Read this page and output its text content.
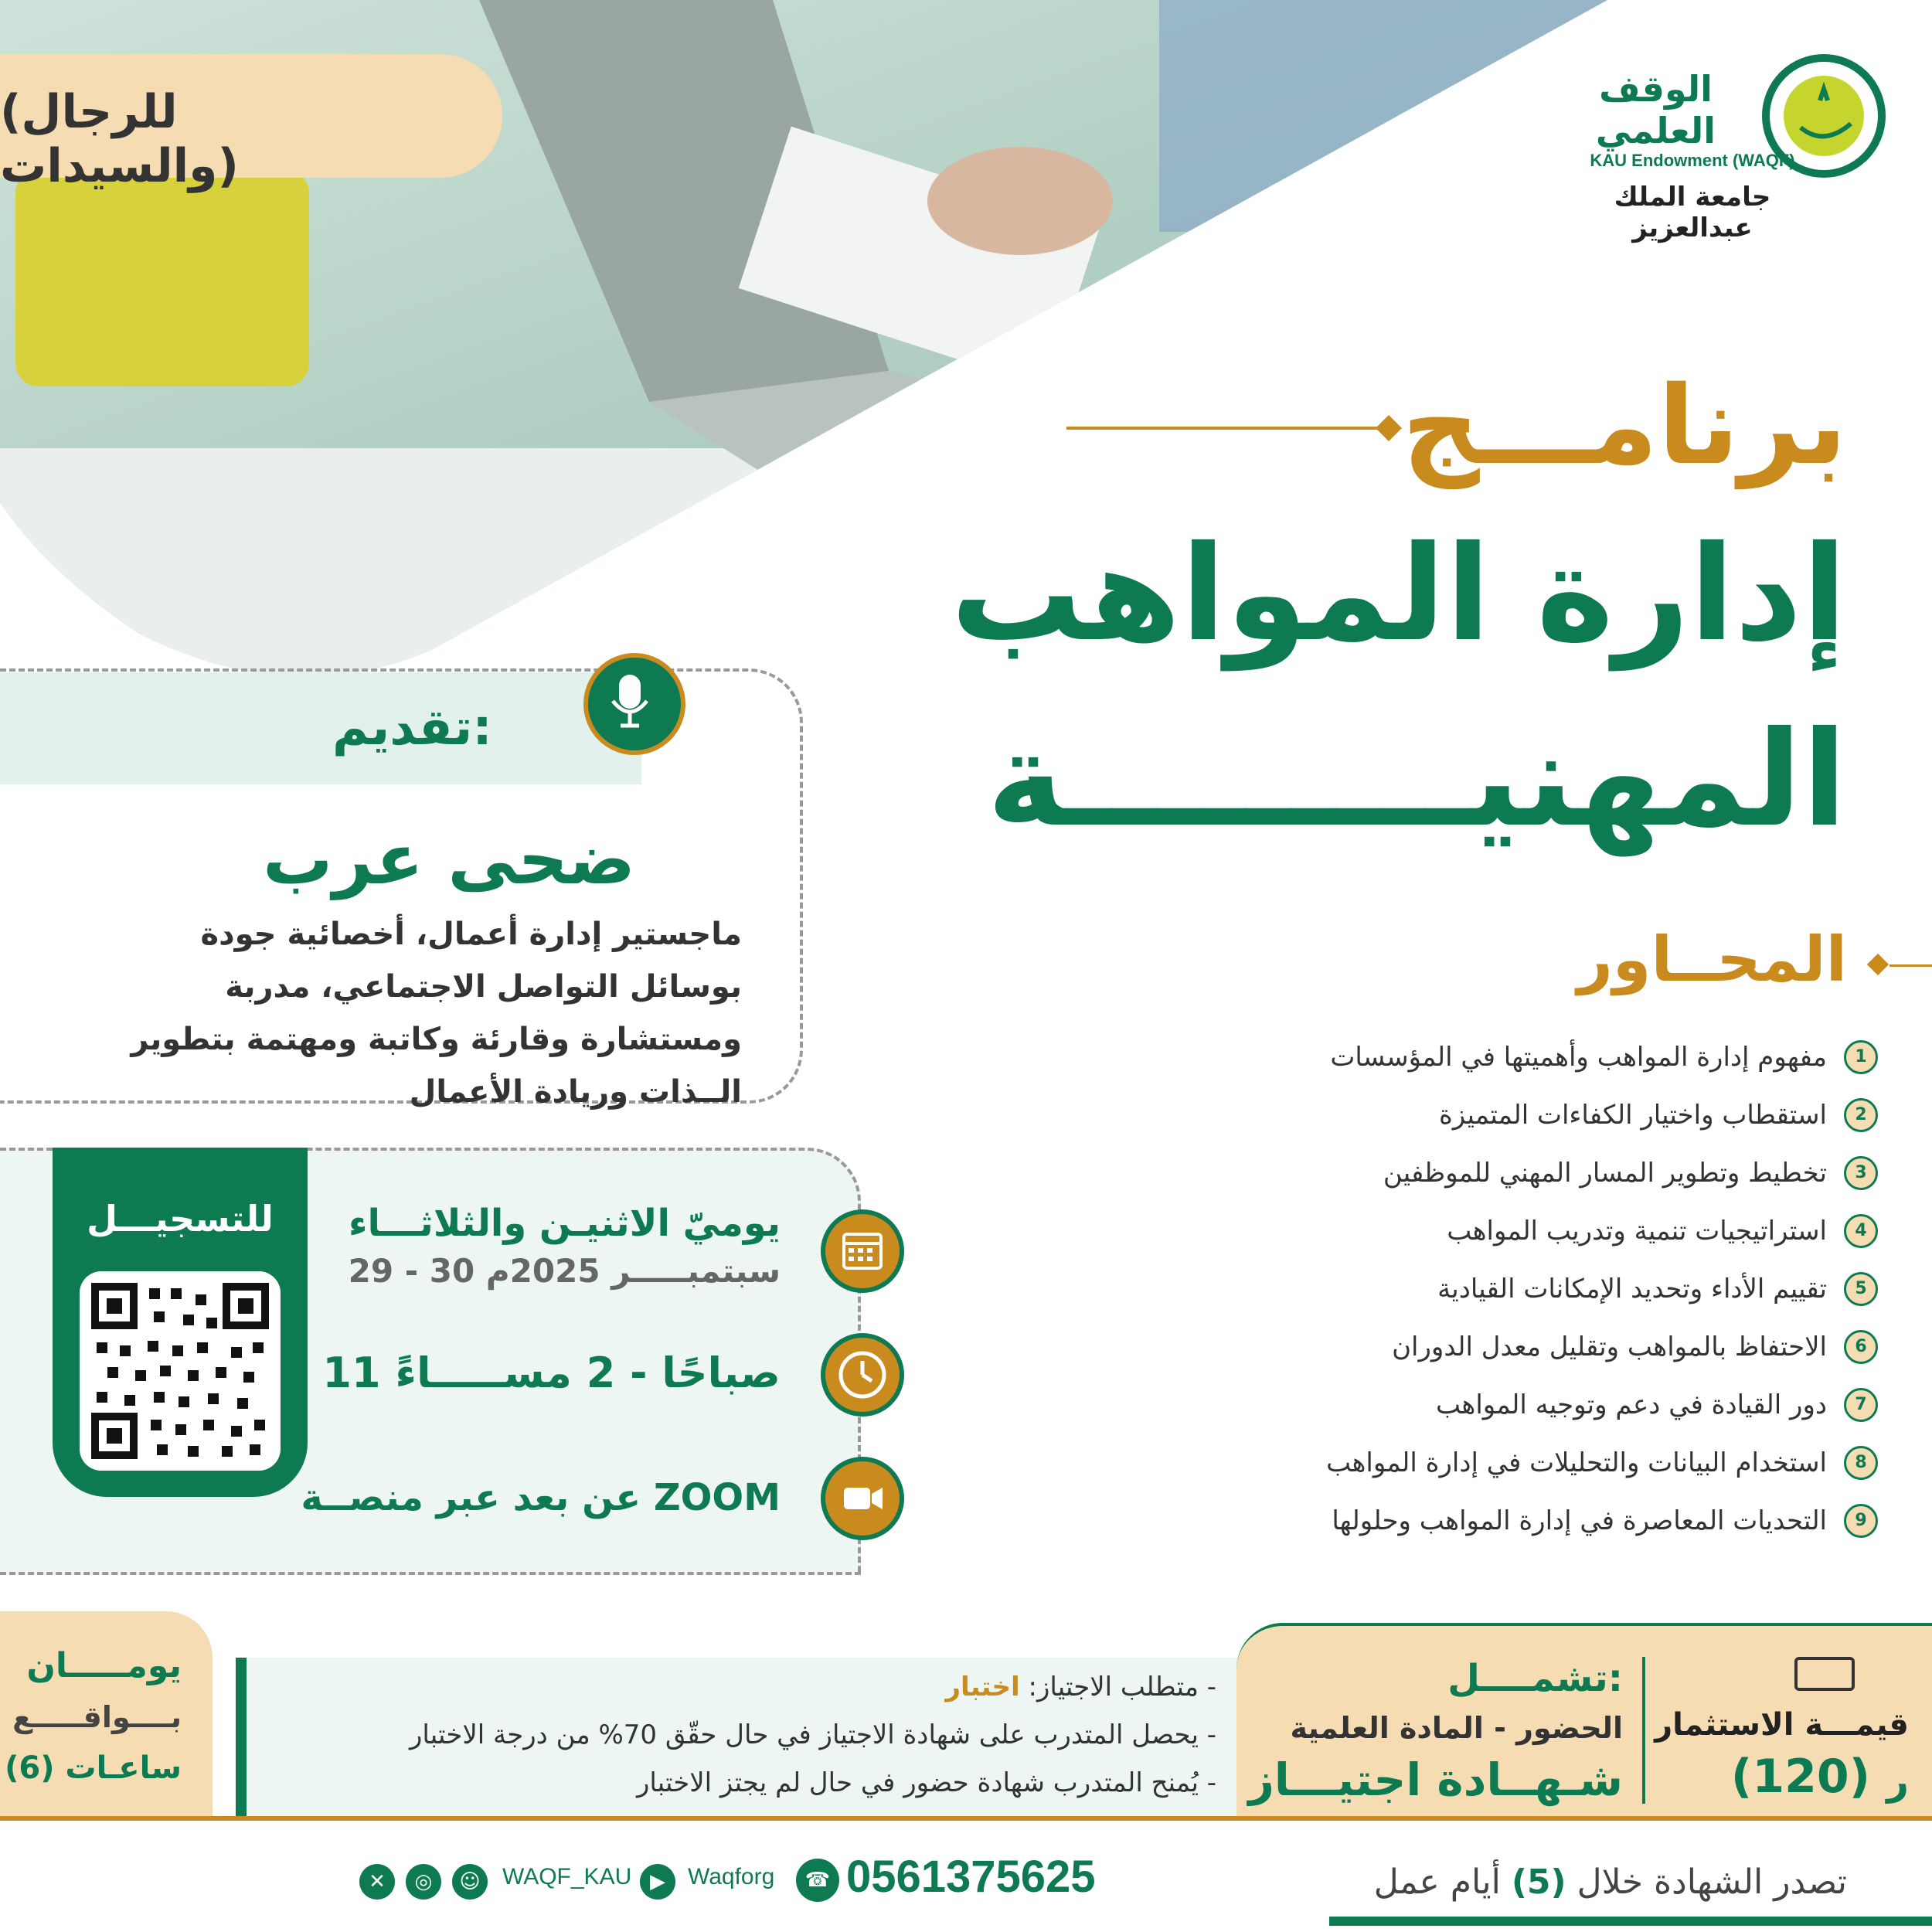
(للرجال والسيدات)
الوقف العلمي
KAU Endowment (WAQF)
جامعة الملك عبدالعزيز
برنامـــج
إدارة المواهب
المهنيـــــــــة
المحــاور
1
مفهوم إدارة المواهب وأهميتها في المؤسسات
2
استقطاب واختيار الكفاءات المتميزة
3
تخطيط وتطوير المسار المهني للموظفين
4
استراتيجيات تنمية وتدريب المواهب
5
تقييم الأداء وتحديد الإمكانات القيادية
6
الاحتفاظ بالمواهب وتقليل معدل الدوران
7
دور القيادة في دعم وتوجيه المواهب
8
استخدام البيانات والتحليلات في إدارة المواهب
9
التحديات المعاصرة في إدارة المواهب وحلولها
تقديم:
ضحى عرب
ماجستير إدارة أعمال، أخصائية جودة بوسائل التواصل الاجتماعي، مدربة ومستشارة وقارئة وكاتبة ومهتمة بتطوير الــذات وريادة الأعمال
للتسجيـــل	يوميّ الاثنيـن والثلاثـــاء
29 - 30 سبتمبـــــر 2025م
11 صباحًا - 2 مســـــاءً
عن بعد عبر منصــة ZOOM
يومـــــان
بــــواقـــــع
(6) ساعـات
- متطلب الاجتياز: اختبار
- يحصل المتدرب على شهادة الاجتياز في حال حقّق 70% من درجة الاختبار
- يُمنح المتدرب شهادة حضور في حال لم يجتز الاختبار
تشمــــل:
الحضور - المادة العلمية
شـهــادة اجتيـــاز
قيمـــة الاستثمار
(120) ر
تصدر الشهادة خلال (5) أيام عمل
0561375625
☎
Waqforg
▶
WAQF_KAU
☺
◎
✕
